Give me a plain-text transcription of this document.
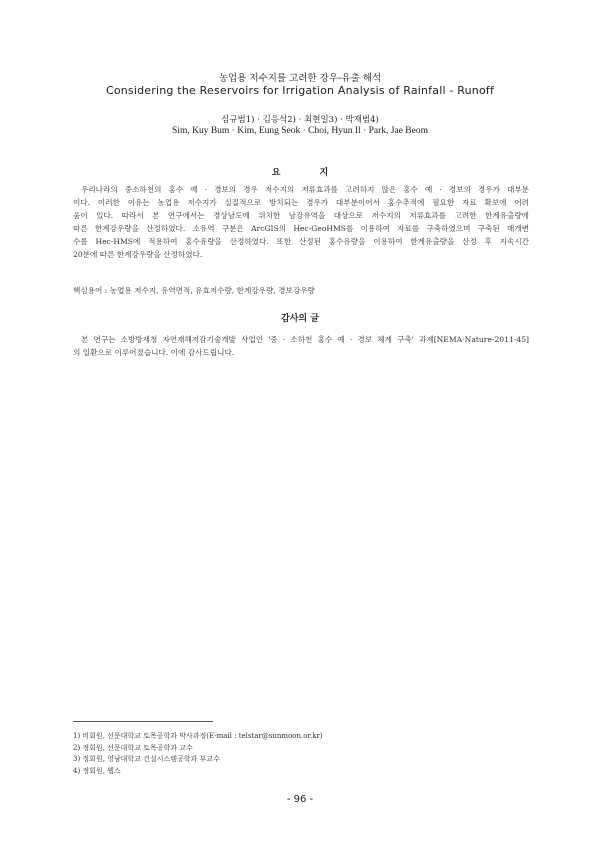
농업용 저수지를 고려한 강우-유출 해석
Considering the Reservoirs for Irrigation Analysis of Rainfall - Runoff
심규범1) · 김응석2) · 최현일3) · 박재범4)
Sim, Kuy Bum · Kim, Eung Seok · Choi, Hyun Il · Park, Jae Beom
요 지

우리나라의 중소하천의 홍수 예 · 경보의 경우 저수지의 저류효과를 고려하지 않은 홍수 예 · 경보의 경우가 대부분
이다. 이러한 이유는 농업용 저수지가 실질적으로 방치되는 경우가 대부분이어서 홍수추적에 필요한 자료 확보에 어려
움이 있다. 따라서 본 연구에서는 경상남도에 위치한 남강유역을 대상으로 저수지의 저류효과를 고려한 한계유출량에
따른 한계강우량을 산정하였다. 소유역 구분은 ArcGIS의 Hec-GeoHMS를 이용하여 자료를 구축하였으며 구축된 매개변
수를 Hec-HMS에 적용하여 홍수유량을 산정하였다. 또한 산정된 홍수유량을 이용하여 한계유출량을 산정 후 지속시간
20분에 따른 한계강우량을 산정하였다.

핵심용어 : 농업용 저수지, 유역면적, 유효저수량, 한계강우량, 경보강우량

감사의 글

본 연구는 소방방재청 자연재해저감기술개발 사업인 '중 · 소하천 홍수 예 · 경보 체계 구축' 과제[NEMA-Nature-2011-45]
의 일환으로 이루어졌습니다. 이에 감사드립니다.

1) 비회원, 선문대학교 토목공학과 박사과정(E-mail : telstar@sunmoon.or.kr)
2) 정회원, 선문대학교 토목공학과 교수
3) 정회원, 영남대학교 건설시스템공학과 부교수
4) 정회원, 웹스
- 96 -
